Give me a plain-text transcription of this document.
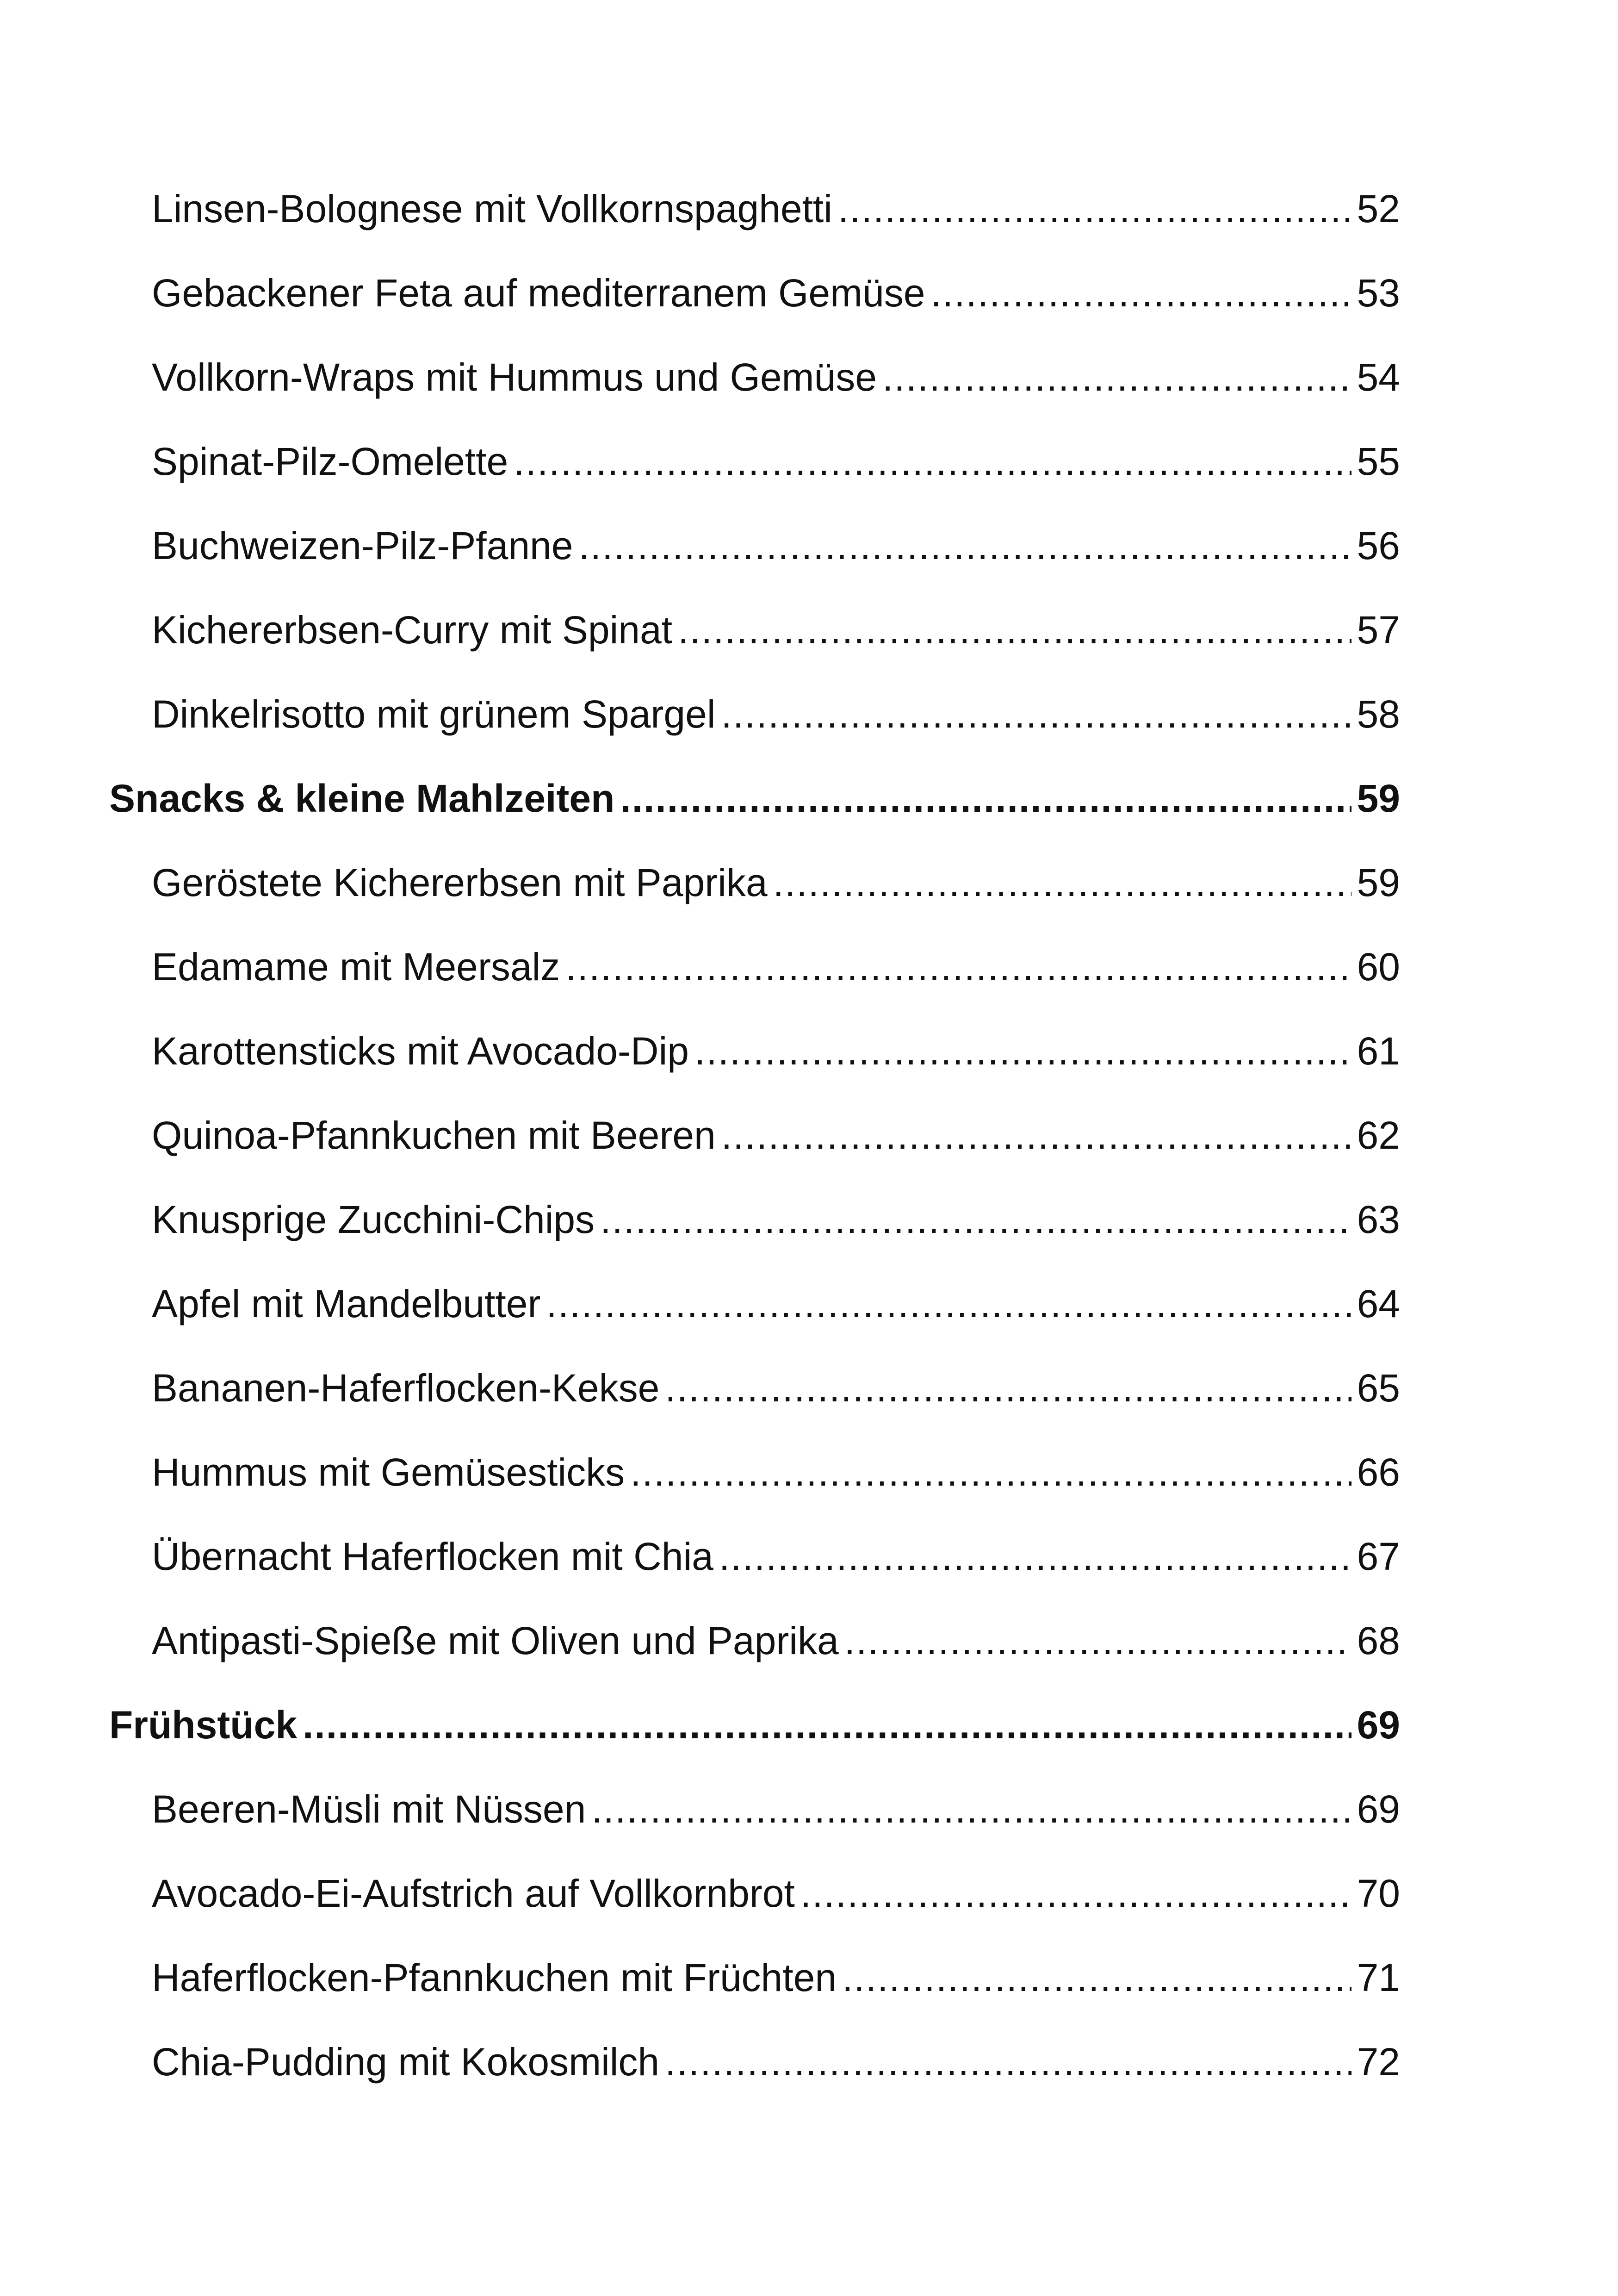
Linsen-Bolognese mit Vollkornspaghetti .....	52
Gebackener Feta auf mediterranem Gemüse .....	53
Vollkorn-Wraps mit Hummus und Gemüse .....	54
Spinat-Pilz-Omelette .....	55
Buchweizen-Pilz-Pfanne .....	56
Kichererbsen-Curry mit Spinat .....	57
Dinkelrisotto mit grünem Spargel .....	58
Snacks & kleine Mahlzeiten .....	59
Geröstete Kichererbsen mit Paprika .....	59
Edamame mit Meersalz .....	60
Karottensticks mit Avocado-Dip .....	61
Quinoa-Pfannkuchen mit Beeren .....	62
Knusprige Zucchini-Chips .....	63
Apfel mit Mandelbutter .....	64
Bananen-Haferflocken-Kekse .....	65
Hummus mit Gemüsesticks .....	66
Übernacht Haferflocken mit Chia .....	67
Antipasti-Spieße mit Oliven und Paprika .....	68
Frühstück .....	69
Beeren-Müsli mit Nüssen .....	69
Avocado-Ei-Aufstrich auf Vollkornbrot .....	70
Haferflocken-Pfannkuchen mit Früchten .....	71
Chia-Pudding mit Kokosmilch .....	72
